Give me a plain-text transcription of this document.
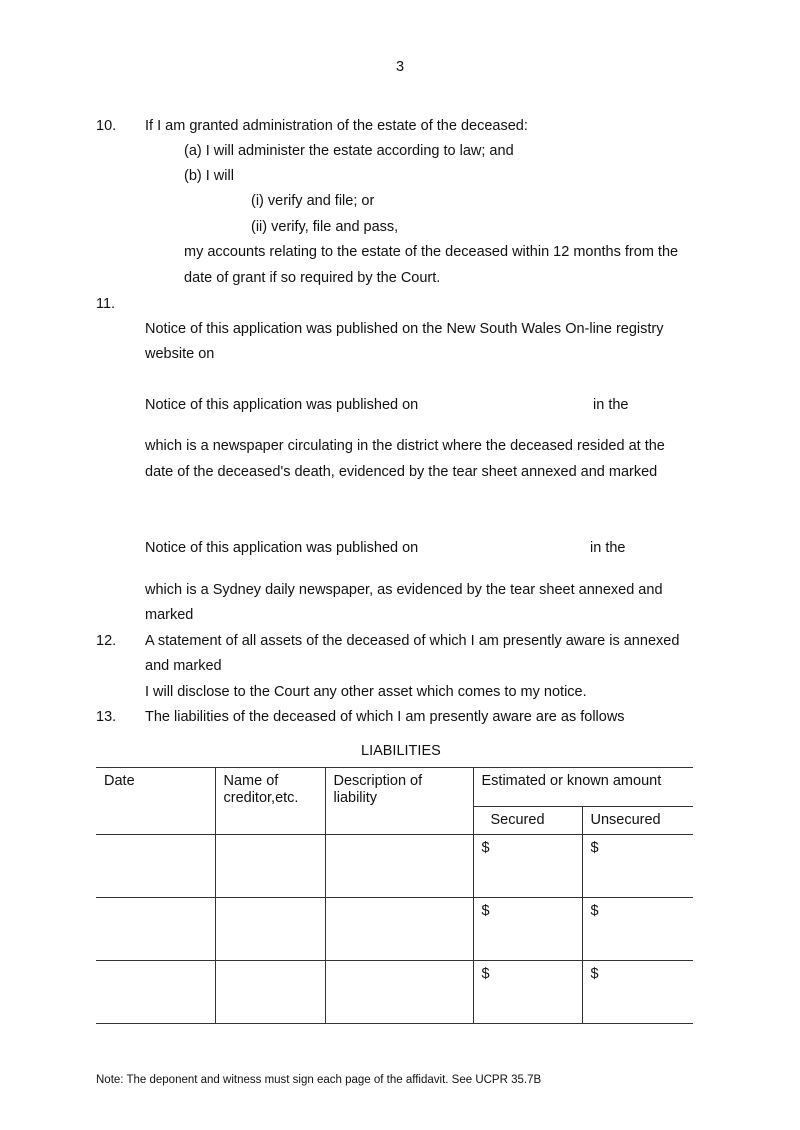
3
10. If I am granted administration of the estate of the deceased:
(a) I will administer the estate according to law; and
(b) I will
(i) verify and file; or
(ii) verify, file and pass,
my accounts relating to the estate of the deceased within 12 months from the
date of grant if so required by the Court.
11.
Notice of this application was published on the New South Wales On-line registry
website on
Notice of this application was published on	in the
which is a newspaper circulating in the district where the deceased resided at the
date of the deceased's death, evidenced by the tear sheet annexed and marked
Notice of this application was published on	in the
which is a Sydney daily newspaper, as evidenced by the tear sheet annexed and
marked
12. A statement of all assets of the deceased of which I am presently aware is annexed
and marked
I will disclose to the Court any other asset which comes to my notice.
13. The liabilities of the deceased of which I am presently aware are as follows
LIABILITIES
Date	Name of creditor,etc.	Description of liability	Estimated or known amount	
			Secured	Unsecured
			$	$
			$	$
			$	$
Note: The deponent and witness must sign each page of the affidavit. See UCPR 35.7B
